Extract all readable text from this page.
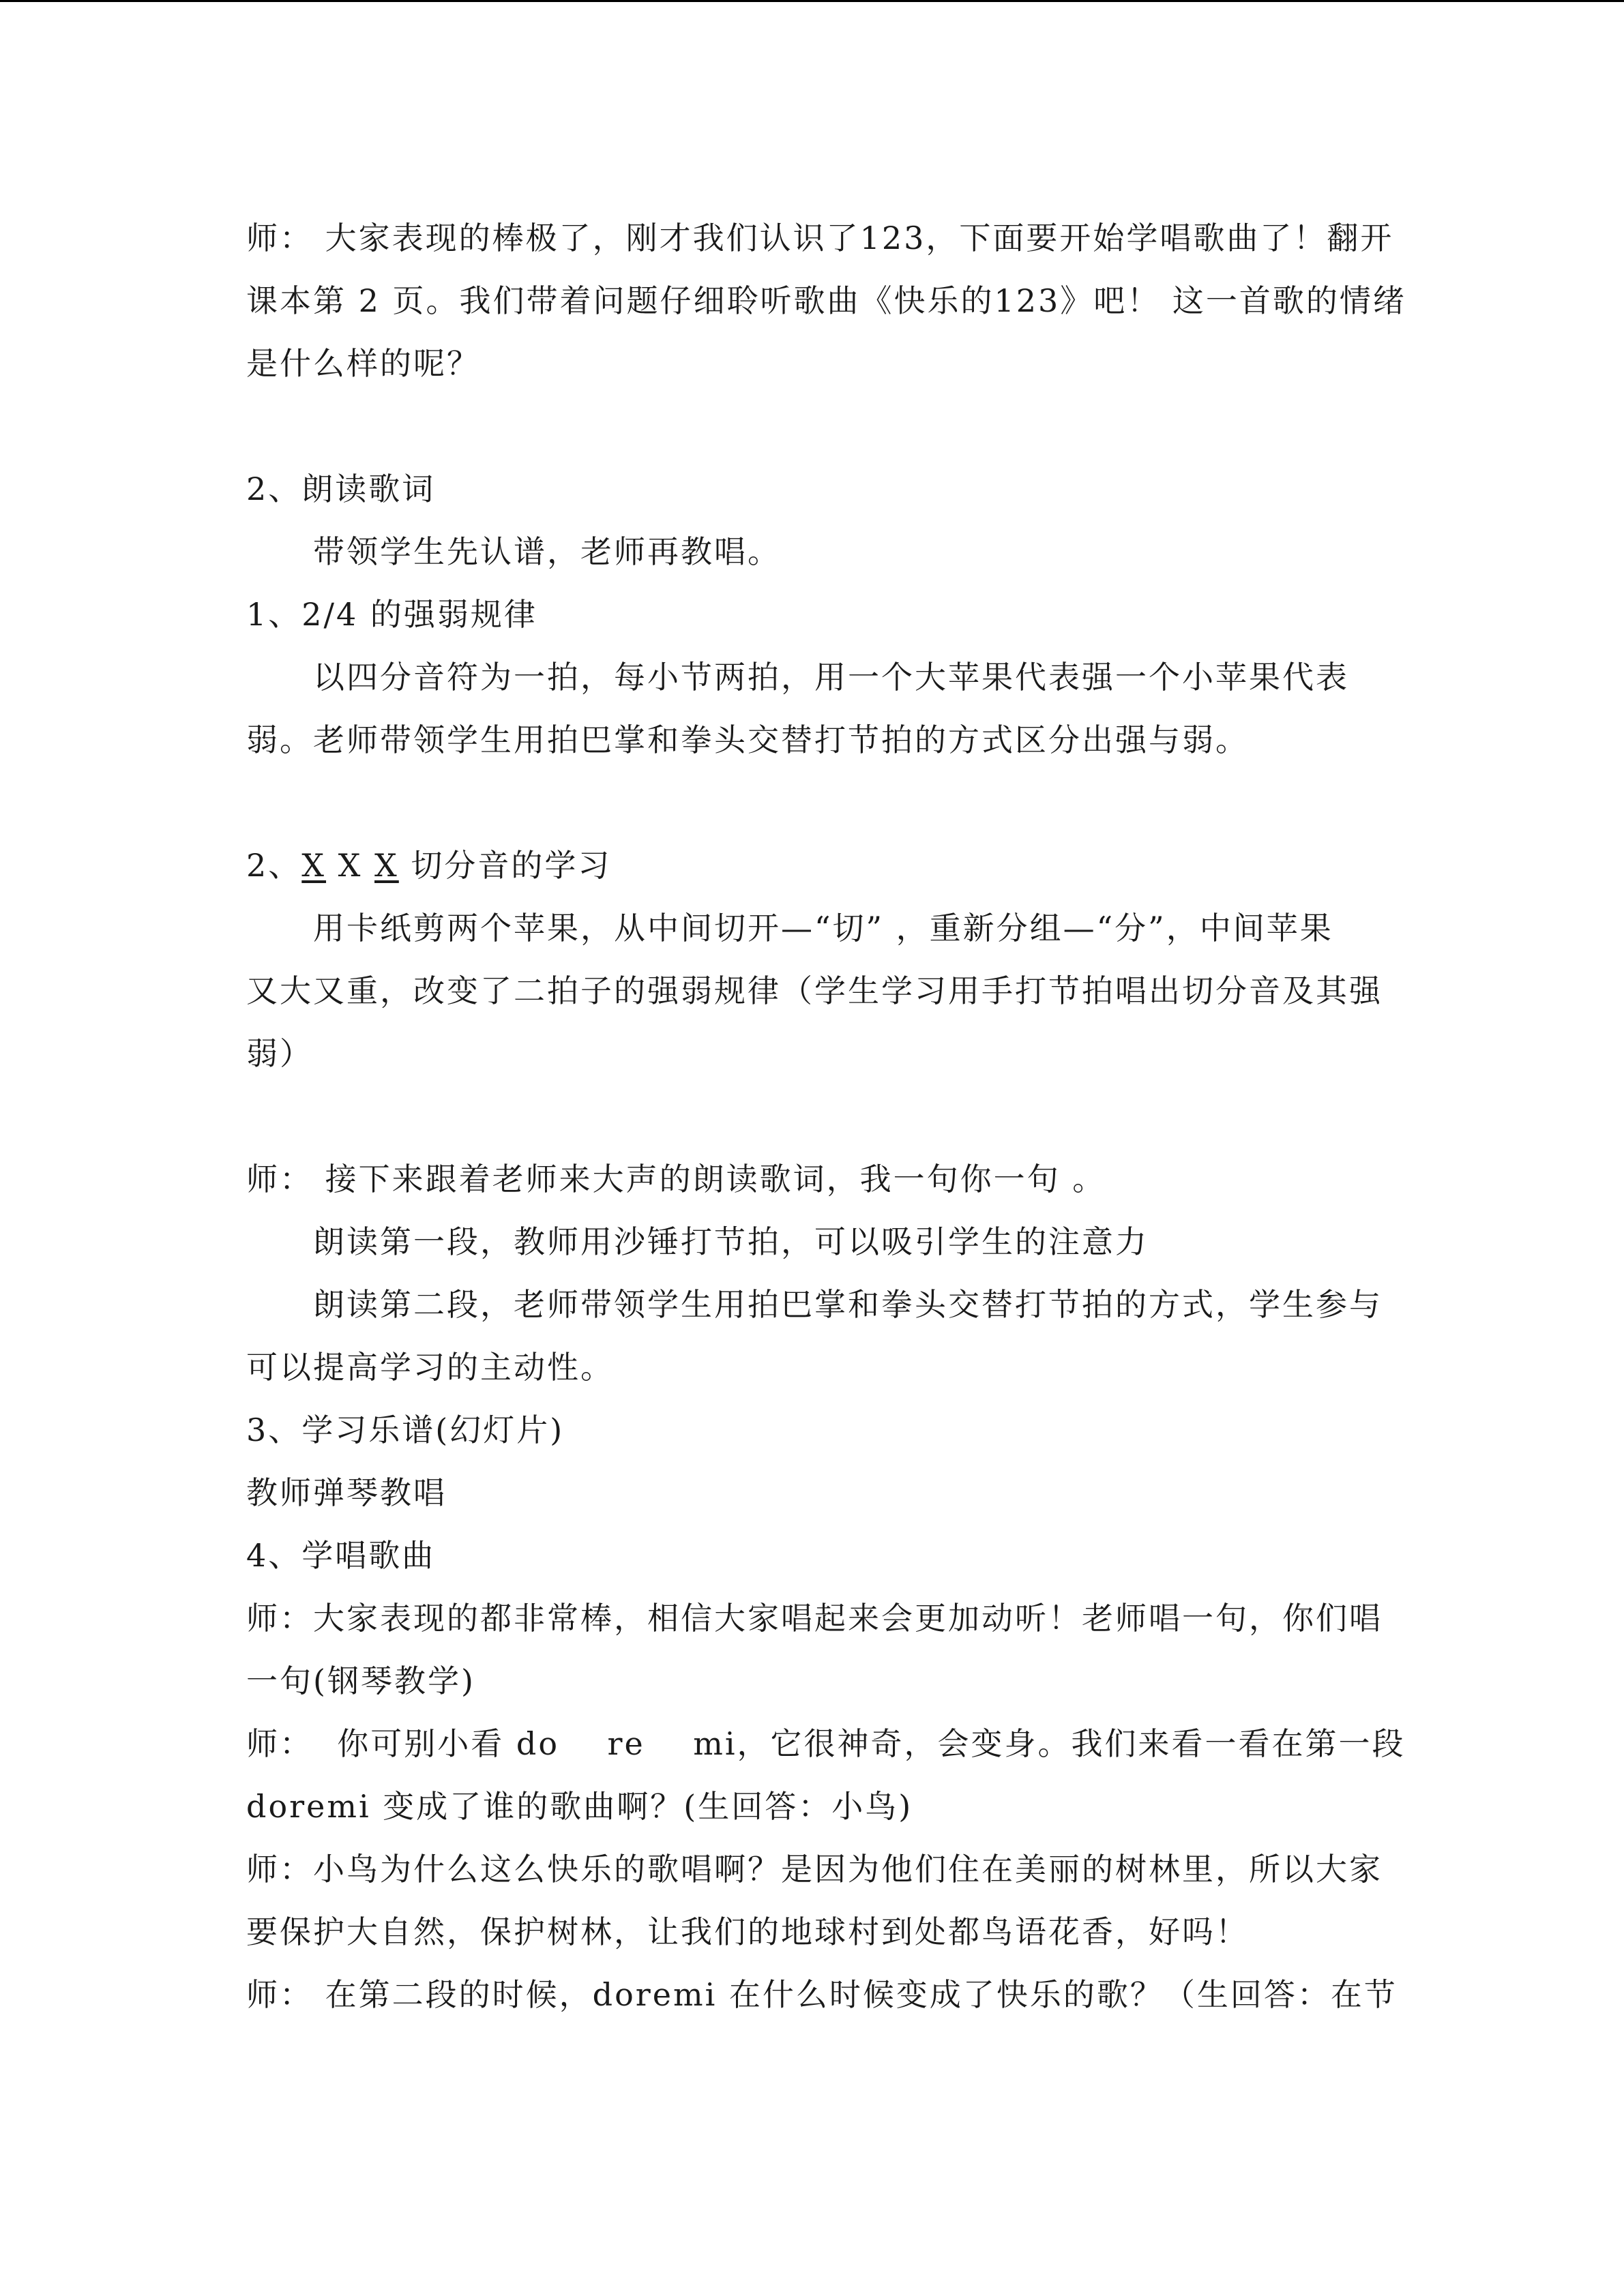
师： 大家表现的棒极了，刚才我们认识了123，下面要开始学唱歌曲了！翻开
课本第 2 页。我们带着问题仔细聆听歌曲《快乐的123》吧！ 这一首歌的情绪
是什么样的呢？
2、朗读歌词
带领学生先认谱，老师再教唱。
1、2/4 的强弱规律
以四分音符为一拍，每小节两拍，用一个大苹果代表强一个小苹果代表
弱。老师带领学生用拍巴掌和拳头交替打节拍的方式区分出强与弱。
2、X X X 切分音的学习
用卡纸剪两个苹果，从中间切开—“切” ，重新分组—“分”，中间苹果
又大又重，改变了二拍子的强弱规律（学生学习用手打节拍唱出切分音及其强
弱）
师： 接下来跟着老师来大声的朗读歌词，我一句你一句 。
朗读第一段，教师用沙锤打节拍，可以吸引学生的注意力
朗读第二段，老师带领学生用拍巴掌和拳头交替打节拍的方式，学生参与
可以提高学习的主动性。
3、学习乐谱(幻灯片)
教师弹琴教唱
4、学唱歌曲
师：大家表现的都非常棒，相信大家唱起来会更加动听！老师唱一句，你们唱
一句(钢琴教学)
师：  你可别小看 do    re    mi，它很神奇，会变身。我们来看一看在第一段
doremi 变成了谁的歌曲啊？(生回答：小鸟)
师：小鸟为什么这么快乐的歌唱啊？是因为他们住在美丽的树林里，所以大家
要保护大自然，保护树林，让我们的地球村到处都鸟语花香，好吗！
师： 在第二段的时候，doremi 在什么时候变成了快乐的歌？（生回答：在节
